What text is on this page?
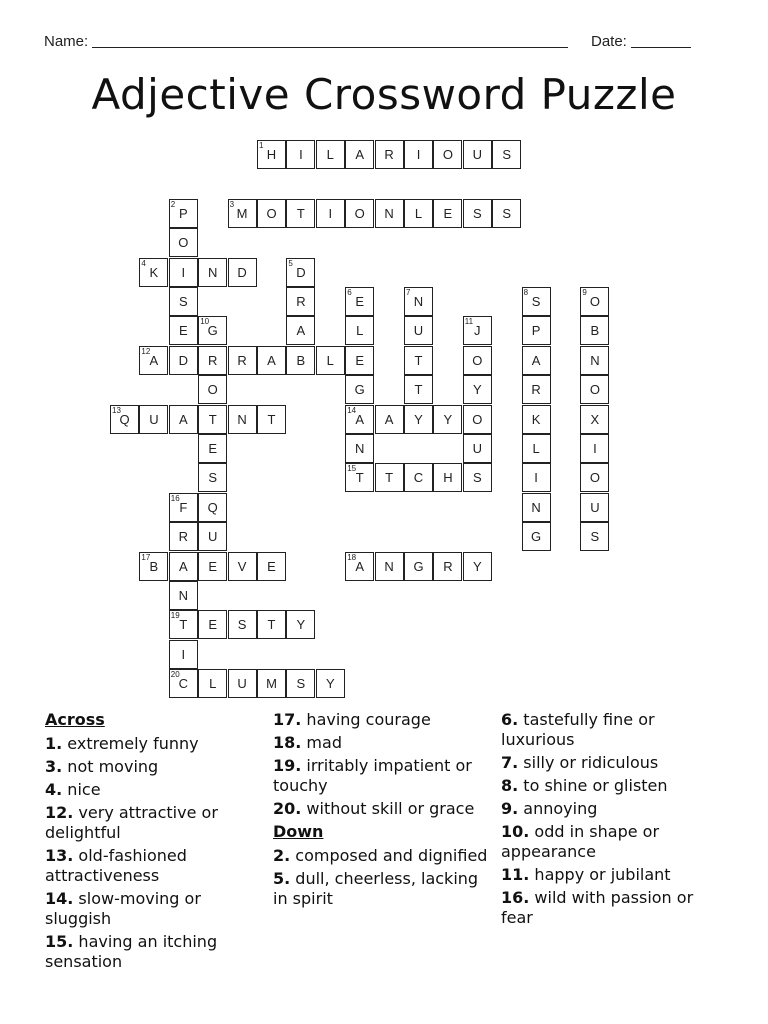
Name:	Date:
Adjective Crossword Puzzle
1
H	I	L	A	R	I	O	U	S
2
P
O
I
S
E
3
M	O	T	I	O	N	L	E	S	S
4
K	N	D
5
D
R
A
B
6
E
L
E
G
14
A
N
15
T
7
N
U
T
T
Y
8
S
P
A
R
K
L
I
N
G
9
O
B
N
O
X
I
O
U
S
10
G
R
O
T
E
S
Q
U
E
11
J
O
Y
O
U
S
12
A	D	R	A	L
13
Q	U	A	N	T	A	Y
T	C	H
16
F
R
A
N
19
T
I
20
C
17
B	V	E
18
A	N	G	R	Y
E	S	T	Y
L	U	M	S	Y

Across

1. extremely funny

3. not moving

4. nice

12. very attractive or delightful

13. old-fashioned attractiveness

14. slow-moving or sluggish

15. having an itching sensation

17. having courage

18. mad

19. irritably impatient or touchy

20. without skill or grace

Down

2. composed and dignified

5. dull, cheerless, lacking in spirit

6. tastefully fine or luxurious

7. silly or ridiculous

8. to shine or glisten

9. annoying

10. odd in shape or appearance

11. happy or jubilant

16. wild with passion or fear
